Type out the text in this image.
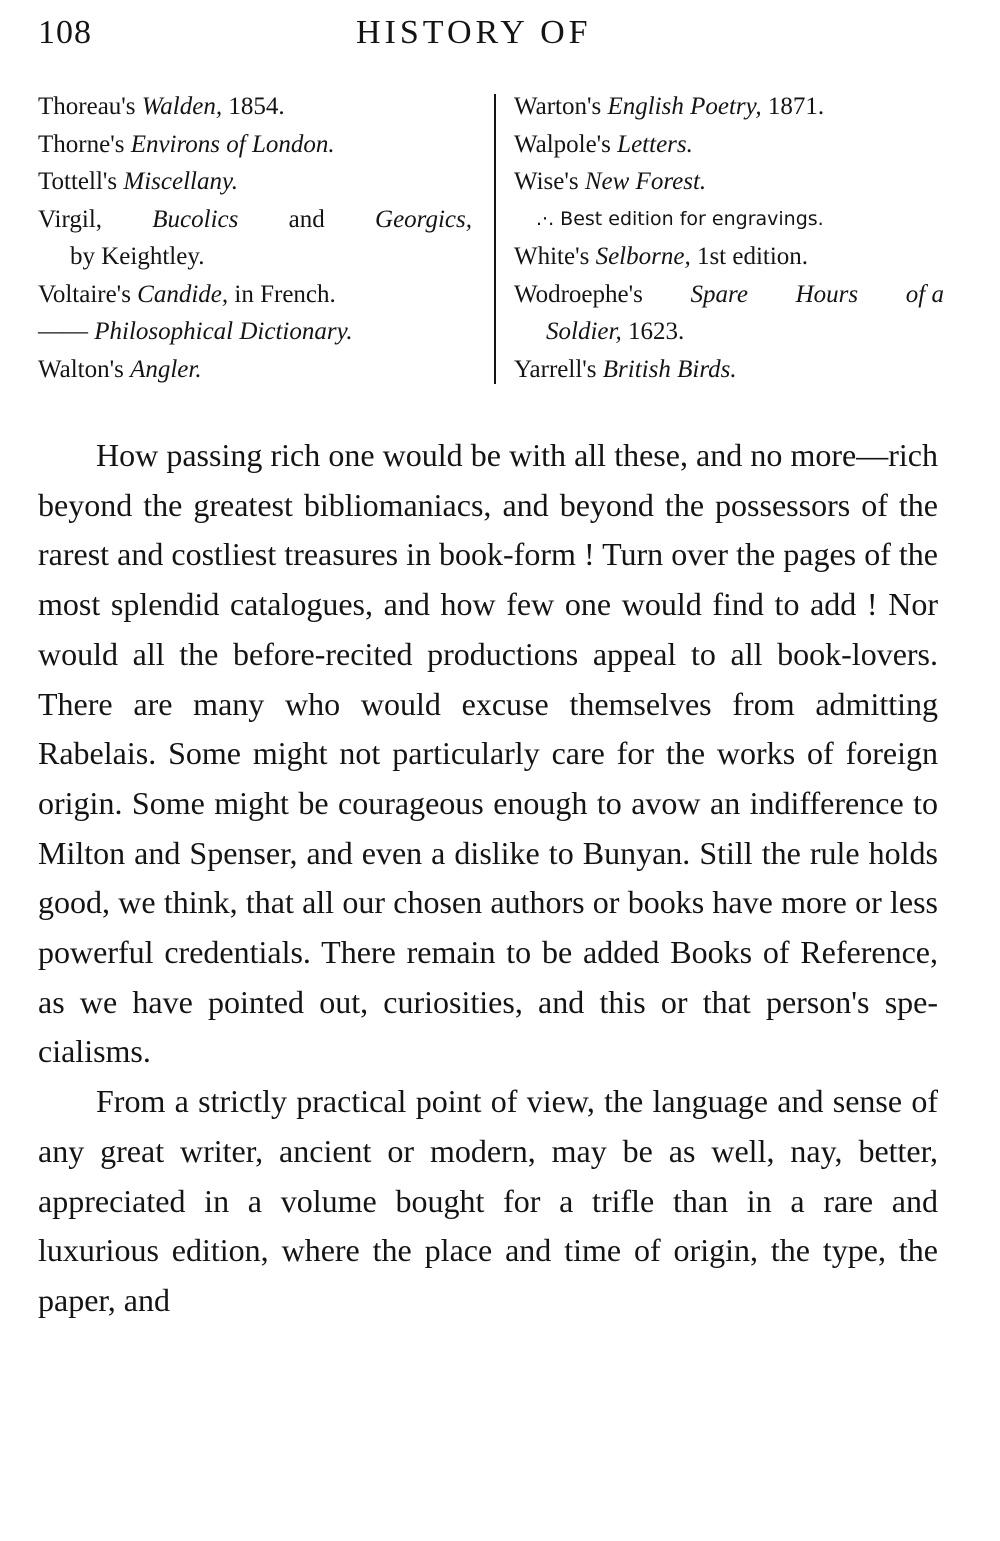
108	HISTORY OF
Thoreau's Walden, 1854.
Thorne's Environs of London.
Tottell's Miscellany.
Virgil, Bucolics and Georgics,
by Keightley.
Voltaire's Candide, in French.
—— Philosophical Dictionary.
Walton's Angler.
Warton's English Poetry, 1871.
Walpole's Letters.
Wise's New Forest.
.·. Best edition for engravings.
White's Selborne, 1st edition.
Wodroephe's Spare Hours of a
Soldier, 1623.
Yarrell's British Birds.

How passing rich one would be with all these, and no more—rich beyond the greatest bibliomaniacs, and beyond the possessors of the rarest and costliest treasures in book-form ! Turn over the pages of the most splendid catalogues, and how few one would find to add ! Nor would all the before-recited productions appeal to all book-lovers. There are many who would excuse themselves from admitting Rabelais. Some might not particularly care for the works of foreign origin. Some might be courageous enough to avow an indifference to Milton and Spenser, and even a dislike to Bunyan. Still the rule holds good, we think, that all our chosen authors or books have more or less powerful credentials. There remain to be added Books of Reference, as we have pointed out, curiosities, and this or that person's specialisms.

From a strictly practical point of view, the language and sense of any great writer, ancient or modern, may be as well, nay, better, appreciated in a volume bought for a trifle than in a rare and luxurious edition, where the place and time of origin, the type, the paper, and
